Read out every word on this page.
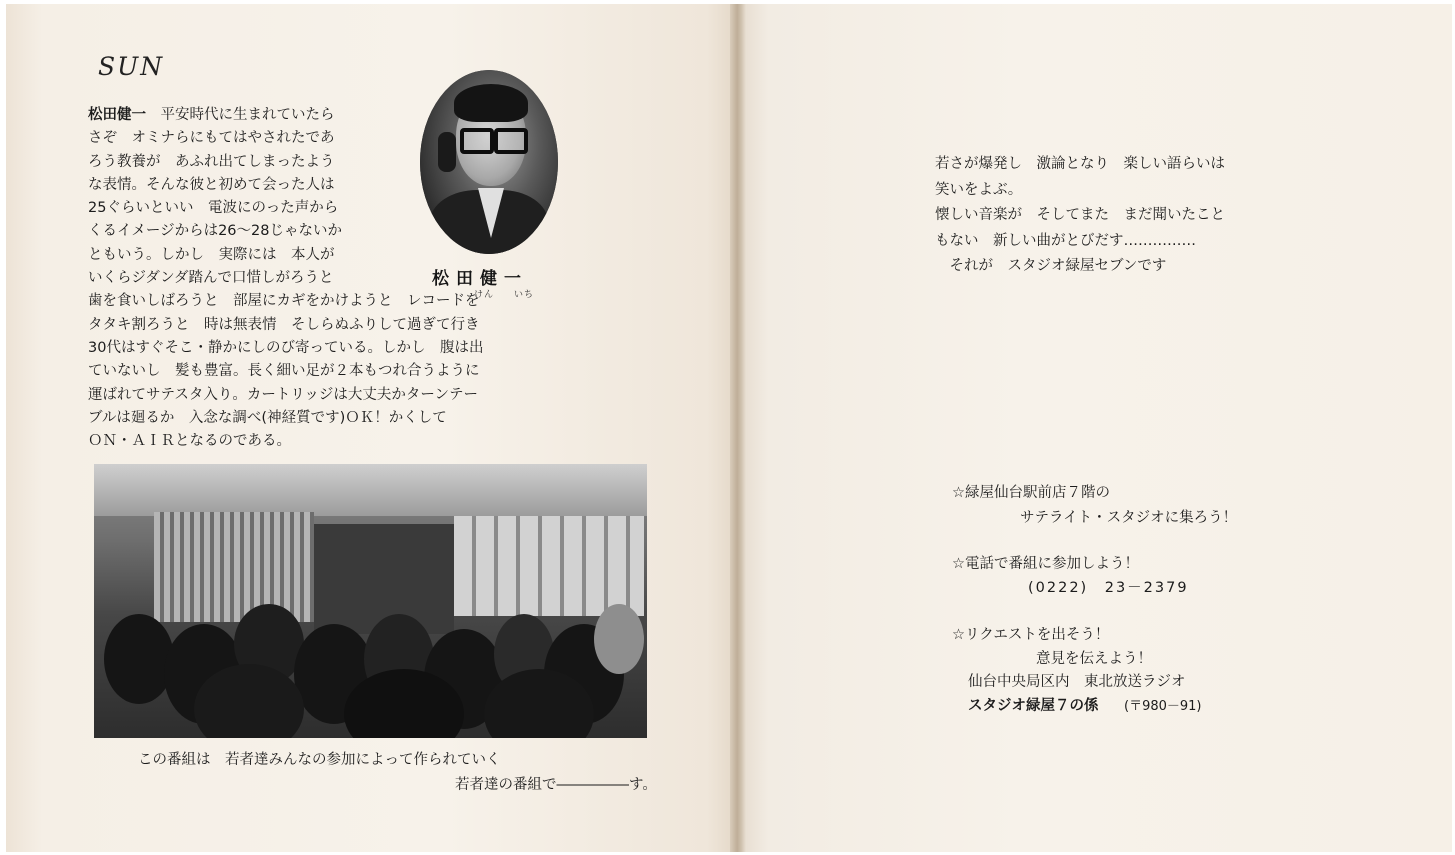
SUN
松田健一　平安時代に生まれていたら
さぞ　オミナらにもてはやされたであ
ろう教養が　あふれ出てしまったよう
な表情。そんな彼と初めて会った人は
25ぐらいといい　電波にのった声から
くるイメージからは26〜28じゃないか
ともいう。しかし　実際には　本人が
いくらジダンダ踏んで口惜しがろうと
歯を食いしばろうと　部屋にカギをかけようと　レコードを
タタキ割ろうと　時は無表情　そしらぬふりして過ぎて行き
30代はすぐそこ・静かにしのび寄っている。しかし　腹は出
ていないし　髪も豊富。長く細い足が２本もつれ合うように
運ばれてサテスタ入り。カートリッジは大丈夫かターンテー
ブルは廻るか　入念な調べ(神経質です)ＯＫ！かくして
ＯＮ・ＡＩＲとなるのである。
松田健一
けん いち
この番組は　若者達みんなの参加によって作られていく
若者達の番組で―――――す。
若さが爆発し　激論となり　楽しい語らいは
笑いをよぶ。
懐しい音楽が　そしてまた　まだ聞いたこと
もない　新しい曲がとびだす……………
　それが　スタジオ緑屋セブンです
☆緑屋仙台駅前店７階の
サテライト・スタジオに集ろう！
☆電話で番組に参加しよう！
(0222)　23－2379
☆リクエストを出そう！
意見を伝えよう！
仙台中央局区内　東北放送ラジオ
スタジオ緑屋７の係 (〒980－91)
